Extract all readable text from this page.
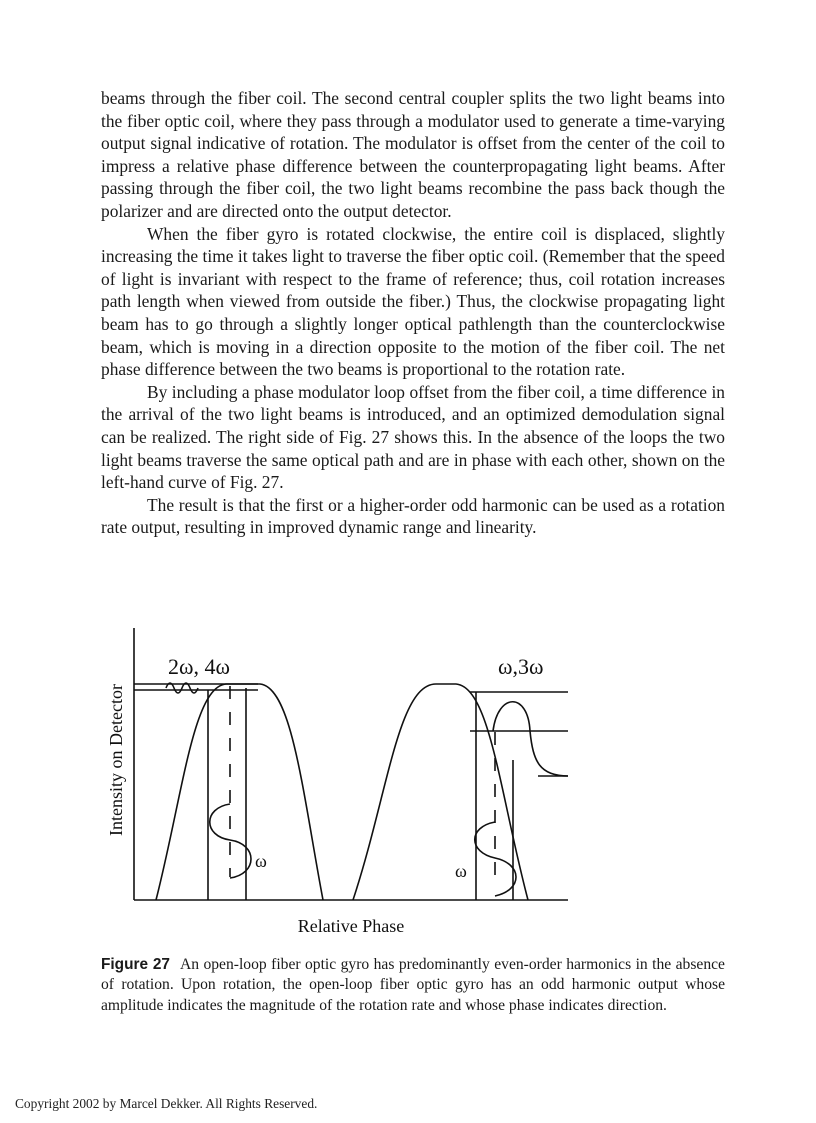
beams through the fiber coil. The second central coupler splits the two light beams into the fiber optic coil, where they pass through a modulator used to generate a time-varying output signal indicative of rotation. The modulator is offset from the center of the coil to impress a relative phase difference between the counterpropagating light beams. After passing through the fiber coil, the two light beams recombine the pass back though the polarizer and are directed onto the output detector.

When the fiber gyro is rotated clockwise, the entire coil is displaced, slightly increasing the time it takes light to traverse the fiber optic coil. (Remember that the speed of light is invariant with respect to the frame of reference; thus, coil rotation increases path length when viewed from outside the fiber.) Thus, the clockwise propagating light beam has to go through a slightly longer optical pathlength than the counterclockwise beam, which is moving in a direction opposite to the motion of the fiber coil. The net phase difference between the two beams is proportional to the rotation rate.

By including a phase modulator loop offset from the fiber coil, a time difference in the arrival of the two light beams is introduced, and an optimized demodulation signal can be realized. The right side of Fig. 27 shows this. In the absence of the loops the two light beams traverse the same optical path and are in phase with each other, shown on the left-hand curve of Fig. 27.

The result is that the first or a higher-order odd harmonic can be used as a rotation rate output, resulting in improved dynamic range and linearity.

Intensity on Detector
Relative Phase
2ω, 4ω	ω,3ω
ω	ω
Figure 27 An open-loop fiber optic gyro has predominantly even-order harmonics in the absence of rotation. Upon rotation, the open-loop fiber optic gyro has an odd harmonic output whose amplitude indicates the magnitude of the rotation rate and whose phase indicates direction.
Copyright 2002 by Marcel Dekker. All Rights Reserved.
